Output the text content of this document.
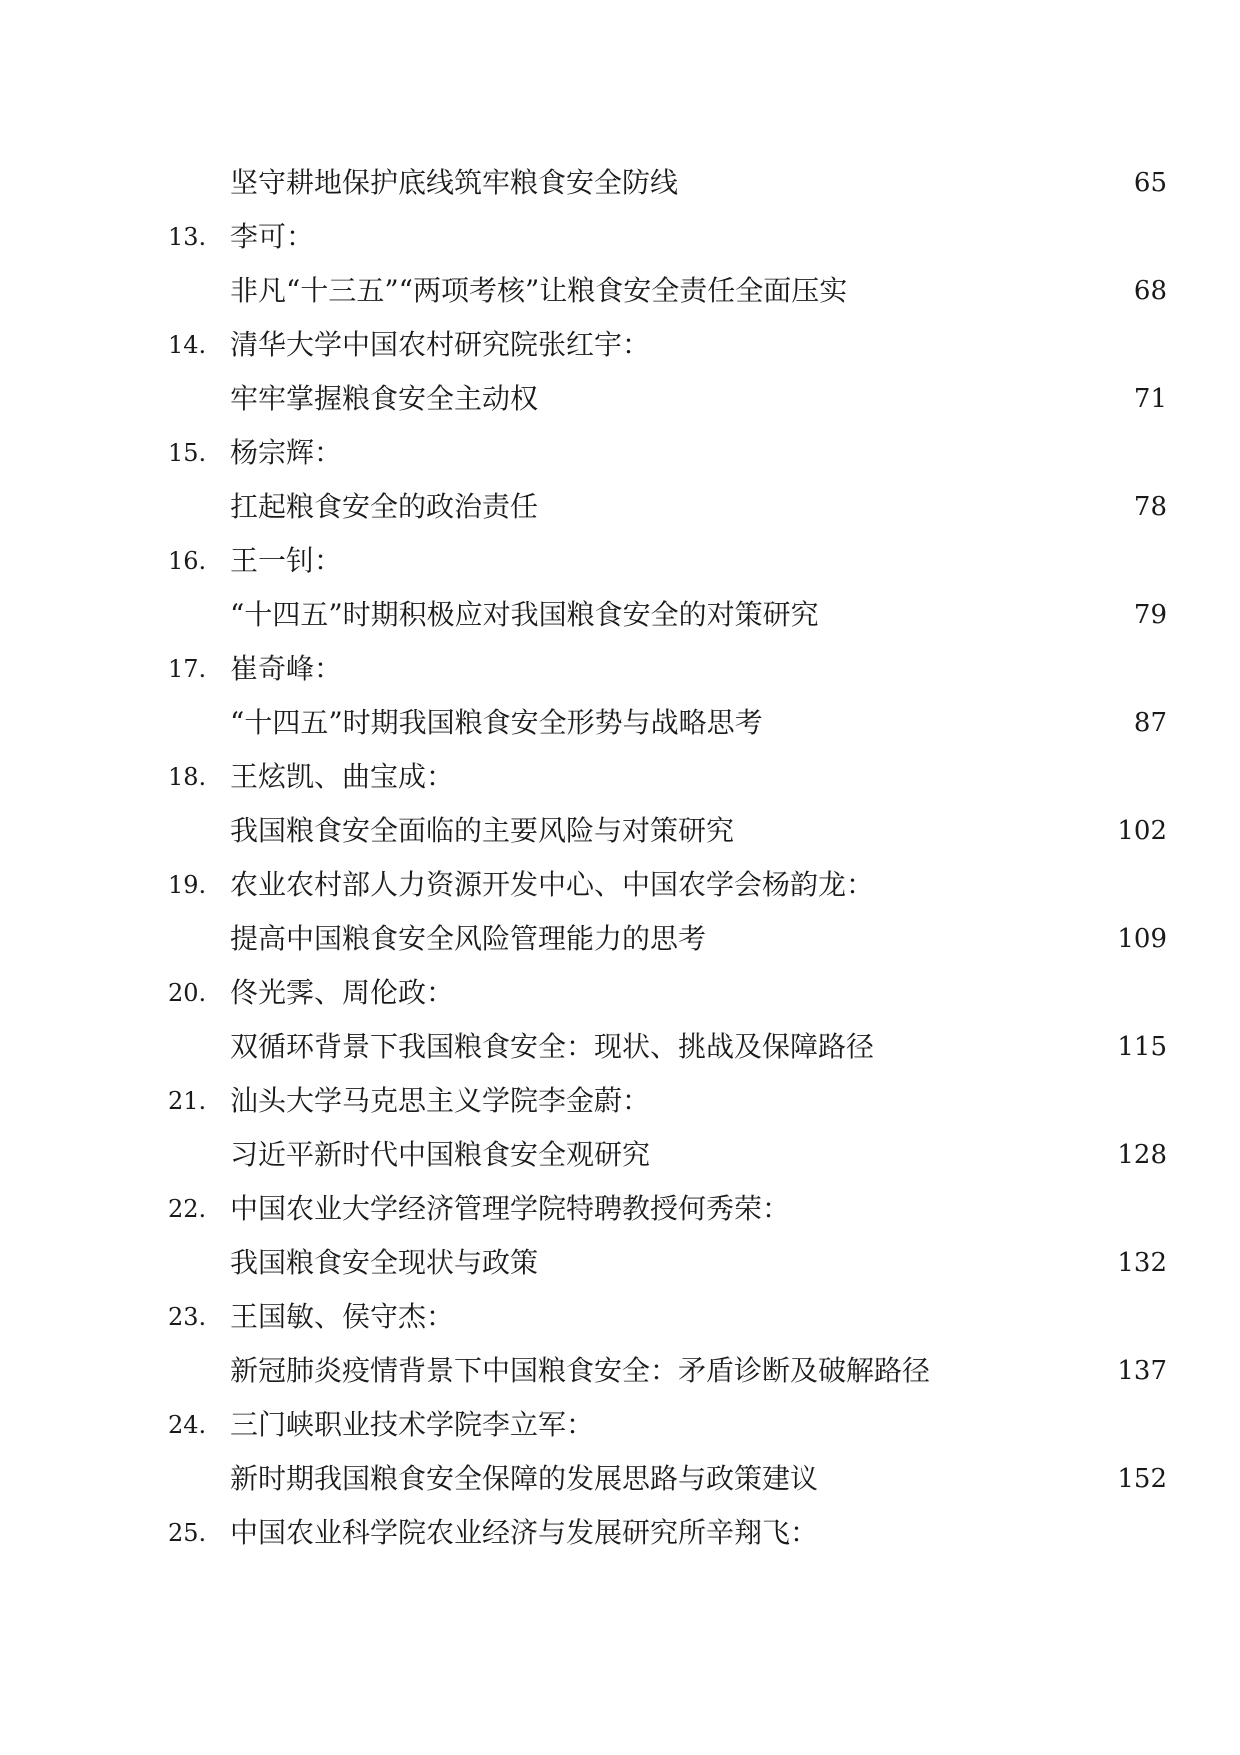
坚守耕地保护底线筑牢粮食安全防线	65
13. 李可：
非凡“十三五”“两项考核”让粮食安全责任全面压实	68
14. 清华大学中国农村研究院张红宇：
牢牢掌握粮食安全主动权	71
15. 杨宗辉：
扛起粮食安全的政治责任	78
16. 王一钊：
“十四五”时期积极应对我国粮食安全的对策研究	79
17. 崔奇峰：
“十四五”时期我国粮食安全形势与战略思考	87
18. 王炫凯、曲宝成：
我国粮食安全面临的主要风险与对策研究	102
19. 农业农村部人力资源开发中心、中国农学会杨韵龙：
提高中国粮食安全风险管理能力的思考	109
20. 佟光霁、周伦政：
双循环背景下我国粮食安全：现状、挑战及保障路径	115
21. 汕头大学马克思主义学院李金蔚：
习近平新时代中国粮食安全观研究	128
22. 中国农业大学经济管理学院特聘教授何秀荣：
我国粮食安全现状与政策	132
23. 王国敏、侯守杰：
新冠肺炎疫情背景下中国粮食安全：矛盾诊断及破解路径	137
24. 三门峡职业技术学院李立军：
新时期我国粮食安全保障的发展思路与政策建议	152
25. 中国农业科学院农业经济与发展研究所辛翔飞：
